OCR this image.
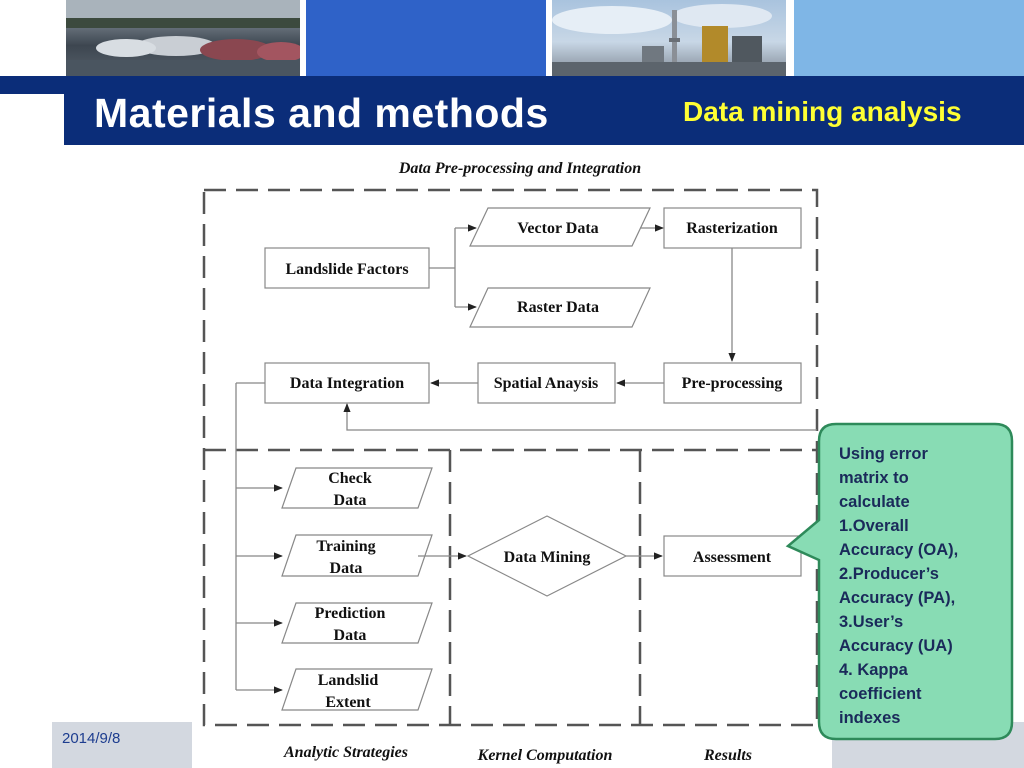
Materials and methods	Data mining analysis
2014/9/8
Data Pre-processing and Integration
Landslide Factors
Vector Data
Raster Data
Rasterization
Pre-processing
Spatial Anaysis
Data Integration
Check
Data
Training
Data
Prediction
Data
Landslid
Extent
Data Mining	Assessment
Analytic Strategies	Kernel Computation	Results
Using error
matrix to
calculate
1.Overall
Accuracy (OA),
2.Producer’s
Accuracy (PA),
3.User’s
Accuracy (UA)
4. Kappa
coefficient
indexes
